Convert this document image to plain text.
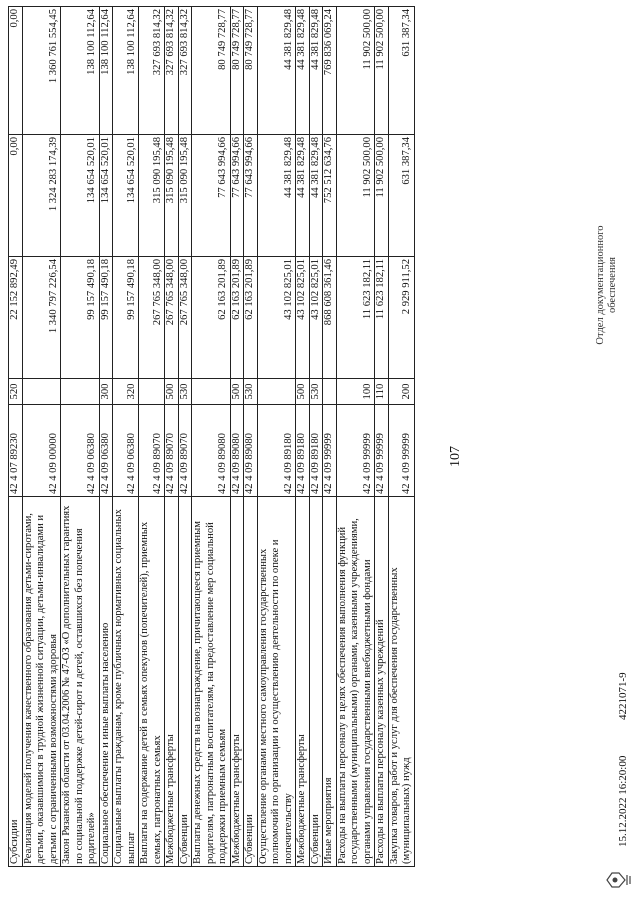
107
Субсидии	42 4 07 89230	520	22 152 892,49	0,00	0,00
Реализация моделей получения качественного образования детьми-сиротами, детьми, оказавшимися в трудной жизненной ситуации, детьми-инвалидами и детьми с ограниченными возможностями здоровья	42 4 09 00000		1 340 797 226,54	1 324 283 174,39	1 360 761 554,45
Закон Рязанской области от 03.04.2006 № 47-ОЗ «О дополнительных гарантиях по социальной поддержке детей-сирот и детей, оставшихся без попечения родителей»	42 4 09 06380		99 157 490,18	134 654 520,01	138 100 112,64
Социальное обеспечение и иные выплаты населению	42 4 09 06380	300	99 157 490,18	134 654 520,01	138 100 112,64
Социальные выплаты гражданам, кроме публичных нормативных социальных выплат	42 4 09 06380	320	99 157 490,18	134 654 520,01	138 100 112,64
Выплаты на содержание детей в семьях опекунов (попечителей), приемных семьях, патронатных семьях	42 4 09 89070		267 765 348,00	315 090 195,48	327 693 814,32
Межбюджетные трансферты	42 4 09 89070	500	267 765 348,00	315 090 195,48	327 693 814,32
Субвенции	42 4 09 89070	530	267 765 348,00	315 090 195,48	327 693 814,32
Выплаты денежных средств на вознаграждение, причитающееся приемным родителям, патронатным воспитателям, на предоставление мер социальной поддержки приемным семьям	42 4 09 89080		62 163 201,89	77 643 994,66	80 749 728,77
Межбюджетные трансферты	42 4 09 89080	500	62 163 201,89	77 643 994,66	80 749 728,77
Субвенции	42 4 09 89080	530	62 163 201,89	77 643 994,66	80 749 728,77
Осуществление органами местного самоуправления государственных полномочий по организации и осуществлению деятельности по опеке и попечительству	42 4 09 89180		43 102 825,01	44 381 829,48	44 381 829,48
Межбюджетные трансферты	42 4 09 89180	500	43 102 825,01	44 381 829,48	44 381 829,48
Субвенции	42 4 09 89180	530	43 102 825,01	44 381 829,48	44 381 829,48
Иные мероприятия	42 4 09 99999		868 608 361,46	752 512 634,76	769 836 069,24
Расходы на выплаты персоналу в целях обеспечения выполнения функций государственными (муниципальными) органами, казенными учреждениями, органами управления государственными внебюджетными фондами	42 4 09 99999	100	11 623 182,11	11 902 500,00	11 902 500,00
Расходы на выплаты персоналу казенных учреждений	42 4 09 99999	110	11 623 182,11	11 902 500,00	11 902 500,00
Закупка товаров, работ и услуг для обеспечения государственных (муниципальных) нужд	42 4 09 99999	200	2 929 911,52	631 387,34	631 387,34
15.12.2022 16:20:00
4221071-9
Отдел документационного обеспечения
